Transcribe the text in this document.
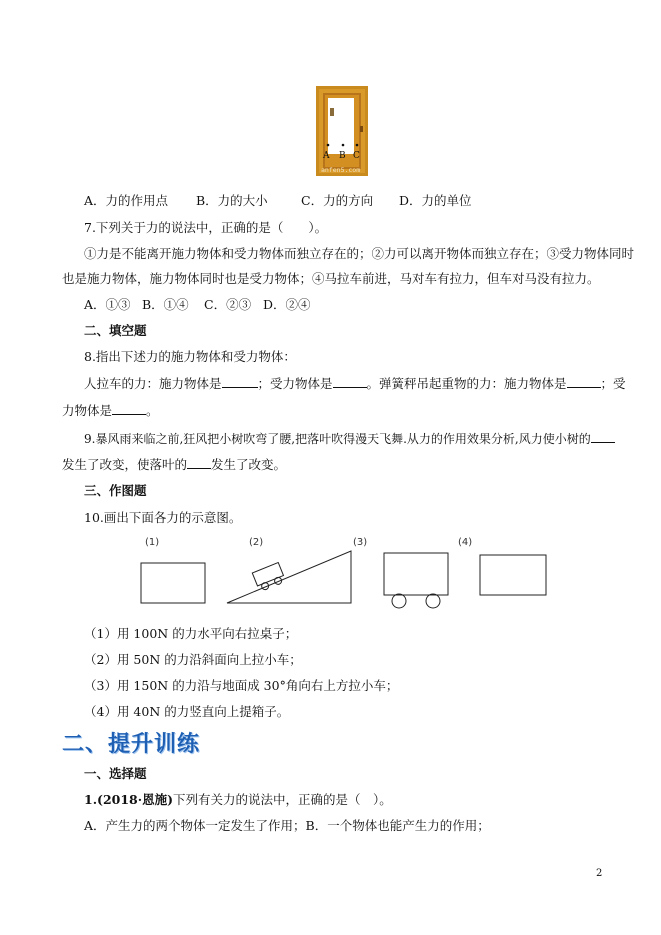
A B C
anfen5.com
A．力的作用点 B．力的大小	C．力的方向 D．力的单位
7.下列关于力的说法中，正确的是（　　）。
①力是不能离开施力物体和受力物体而独立存在的；②力可以离开物体而独立存在；③受力物体同时
也是施力物体，施力物体同时也是受力物体；④马拉车前进，马对车有拉力，但车对马没有拉力。
A．①③ B．①④ C．②③ D．②④
二、填空题
8.指出下述力的施力物体和受力物体：
人拉车的力：施力物体是	；受力物体是	。弹簧秤吊起重物的力：施力物体是	；受
力物体是	。
9.暴风雨来临之前,狂风把小树吹弯了腰,把落叶吹得漫天飞舞.从力的作用效果分析,风力使小树的
发生了改变，使落叶的 发生了改变。
三、作图题
10.画出下面各力的示意图。
(1)	(2)	(3)	(4)
（1）用 100N 的力水平向右拉桌子；
（2）用 50N 的力沿斜面向上拉小车；
（3）用 150N 的力沿与地面成 30°角向右上方拉小车；
（4）用 40N 的力竖直向上提箱子。
二、提升训练
一、选择题
1.(2018·恩施)下列有关力的说法中，正确的是（　）。
A．产生力的两个物体一定发生了作用；B．一个物体也能产生力的作用；
2
